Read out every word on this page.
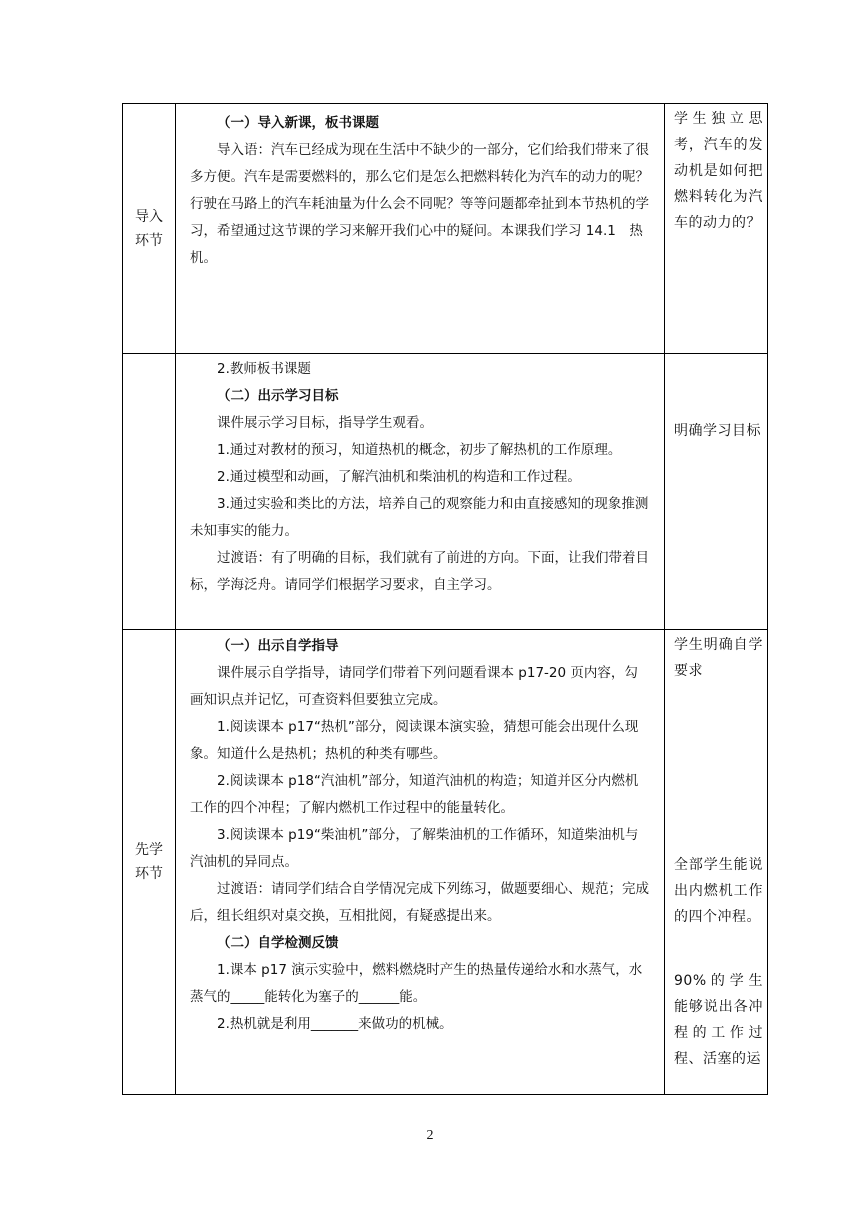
导入
环节

（一）导入新课，板书课题

导入语：汽车已经成为现在生活中不缺少的一部分，它们给我们带来了很多方便。汽车是需要燃料的，那么它们是怎么把燃料转化为汽车的动力的呢？行驶在马路上的汽车耗油量为什么会不同呢？等等问题都牵扯到本节热机的学习，希望通过这节课的学习来解开我们心中的疑问。本课我们学习 14.1　热机。

学生独立思考，汽车的发动机是如何把燃料转化为汽车的动力的？

2.教师板书课题

（二）出示学习目标

课件展示学习目标，指导学生观看。

1.通过对教材的预习，知道热机的概念，初步了解热机的工作原理。

2.通过模型和动画，了解汽油机和柴油机的构造和工作过程。

3.通过实验和类比的方法，培养自己的观察能力和由直接感知的现象推测未知事实的能力。

过渡语：有了明确的目标，我们就有了前进的方向。下面，让我们带着目标，学海泛舟。请同学们根据学习要求，自主学习。

明确学习目标
先学
环节

（一）出示自学指导

课件展示自学指导，请同学们带着下列问题看课本 p17-20 页内容，勾画知识点并记忆，可查资料但要独立完成。

1.阅读课本 p17“热机”部分，阅读课本演实验，猜想可能会出现什么现象。知道什么是热机；热机的种类有哪些。

2.阅读课本 p18“汽油机”部分，知道汽油机的构造；知道并区分内燃机工作的四个冲程；了解内燃机工作过程中的能量转化。

3.阅读课本 p19“柴油机”部分，了解柴油机的工作循环，知道柴油机与汽油机的异同点。

过渡语：请同学们结合自学情况完成下列练习，做题要细心、规范；完成后，组长组织对桌交换，互相批阅，有疑惑提出来。

（二）自学检测反馈

1.课本 p17 演示实验中，燃料燃烧时产生的热量传递给水和水蒸气，水蒸气的_____能转化为塞子的______能。

2.热机就是利用_______来做功的机械。

学生明确自学要求
全部学生能说出内燃机工作的四个冲程。
90%的学生能够说出各冲程的工作过程、活塞的运
2
